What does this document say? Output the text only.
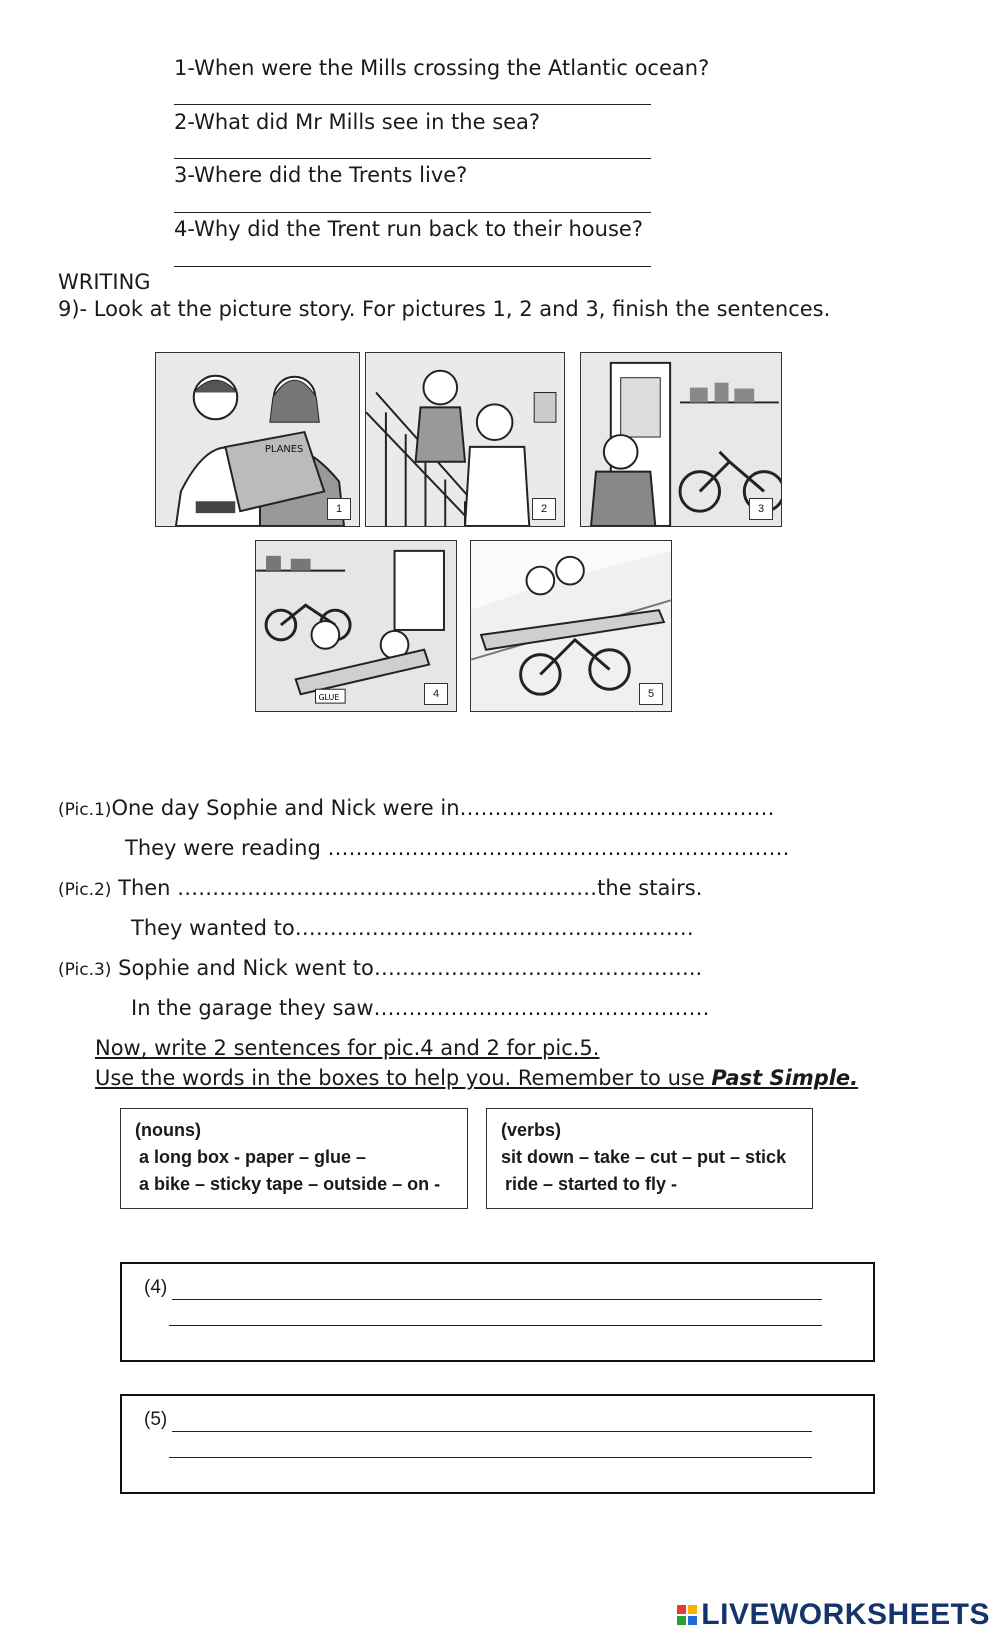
1-When were the Mills crossing the Atlantic ocean?
2-What did Mr Mills see in the sea?
3-Where did the Trents live?
4-Why did the Trent run back to their house?
WRITING
9)- Look at the picture story. For pictures 1, 2 and 3, finish the sentences.
PLANES
1	2	3
GLUE	4	5
(Pic.1)One day Sophie and Nick were in………………………………………
They were reading …………………………………………………………
(Pic.2) Then ……………………………………………………the stairs.
They wanted to…………………………………………………
(Pic.3) Sophie and Nick went to………………………………………..
In the garage they saw…………………………………………
Now, write 2 sentences for pic.4 and 2 for pic.5.
Use the words in the boxes to help you. Remember to use Past Simple.
(nouns)
a long box - paper – glue –
a bike – sticky tape – outside – on -
(verbs)
sit down – take – cut – put – stick
ride – started to fly -
(4)
(5)
LIVEWORKSHEETS
